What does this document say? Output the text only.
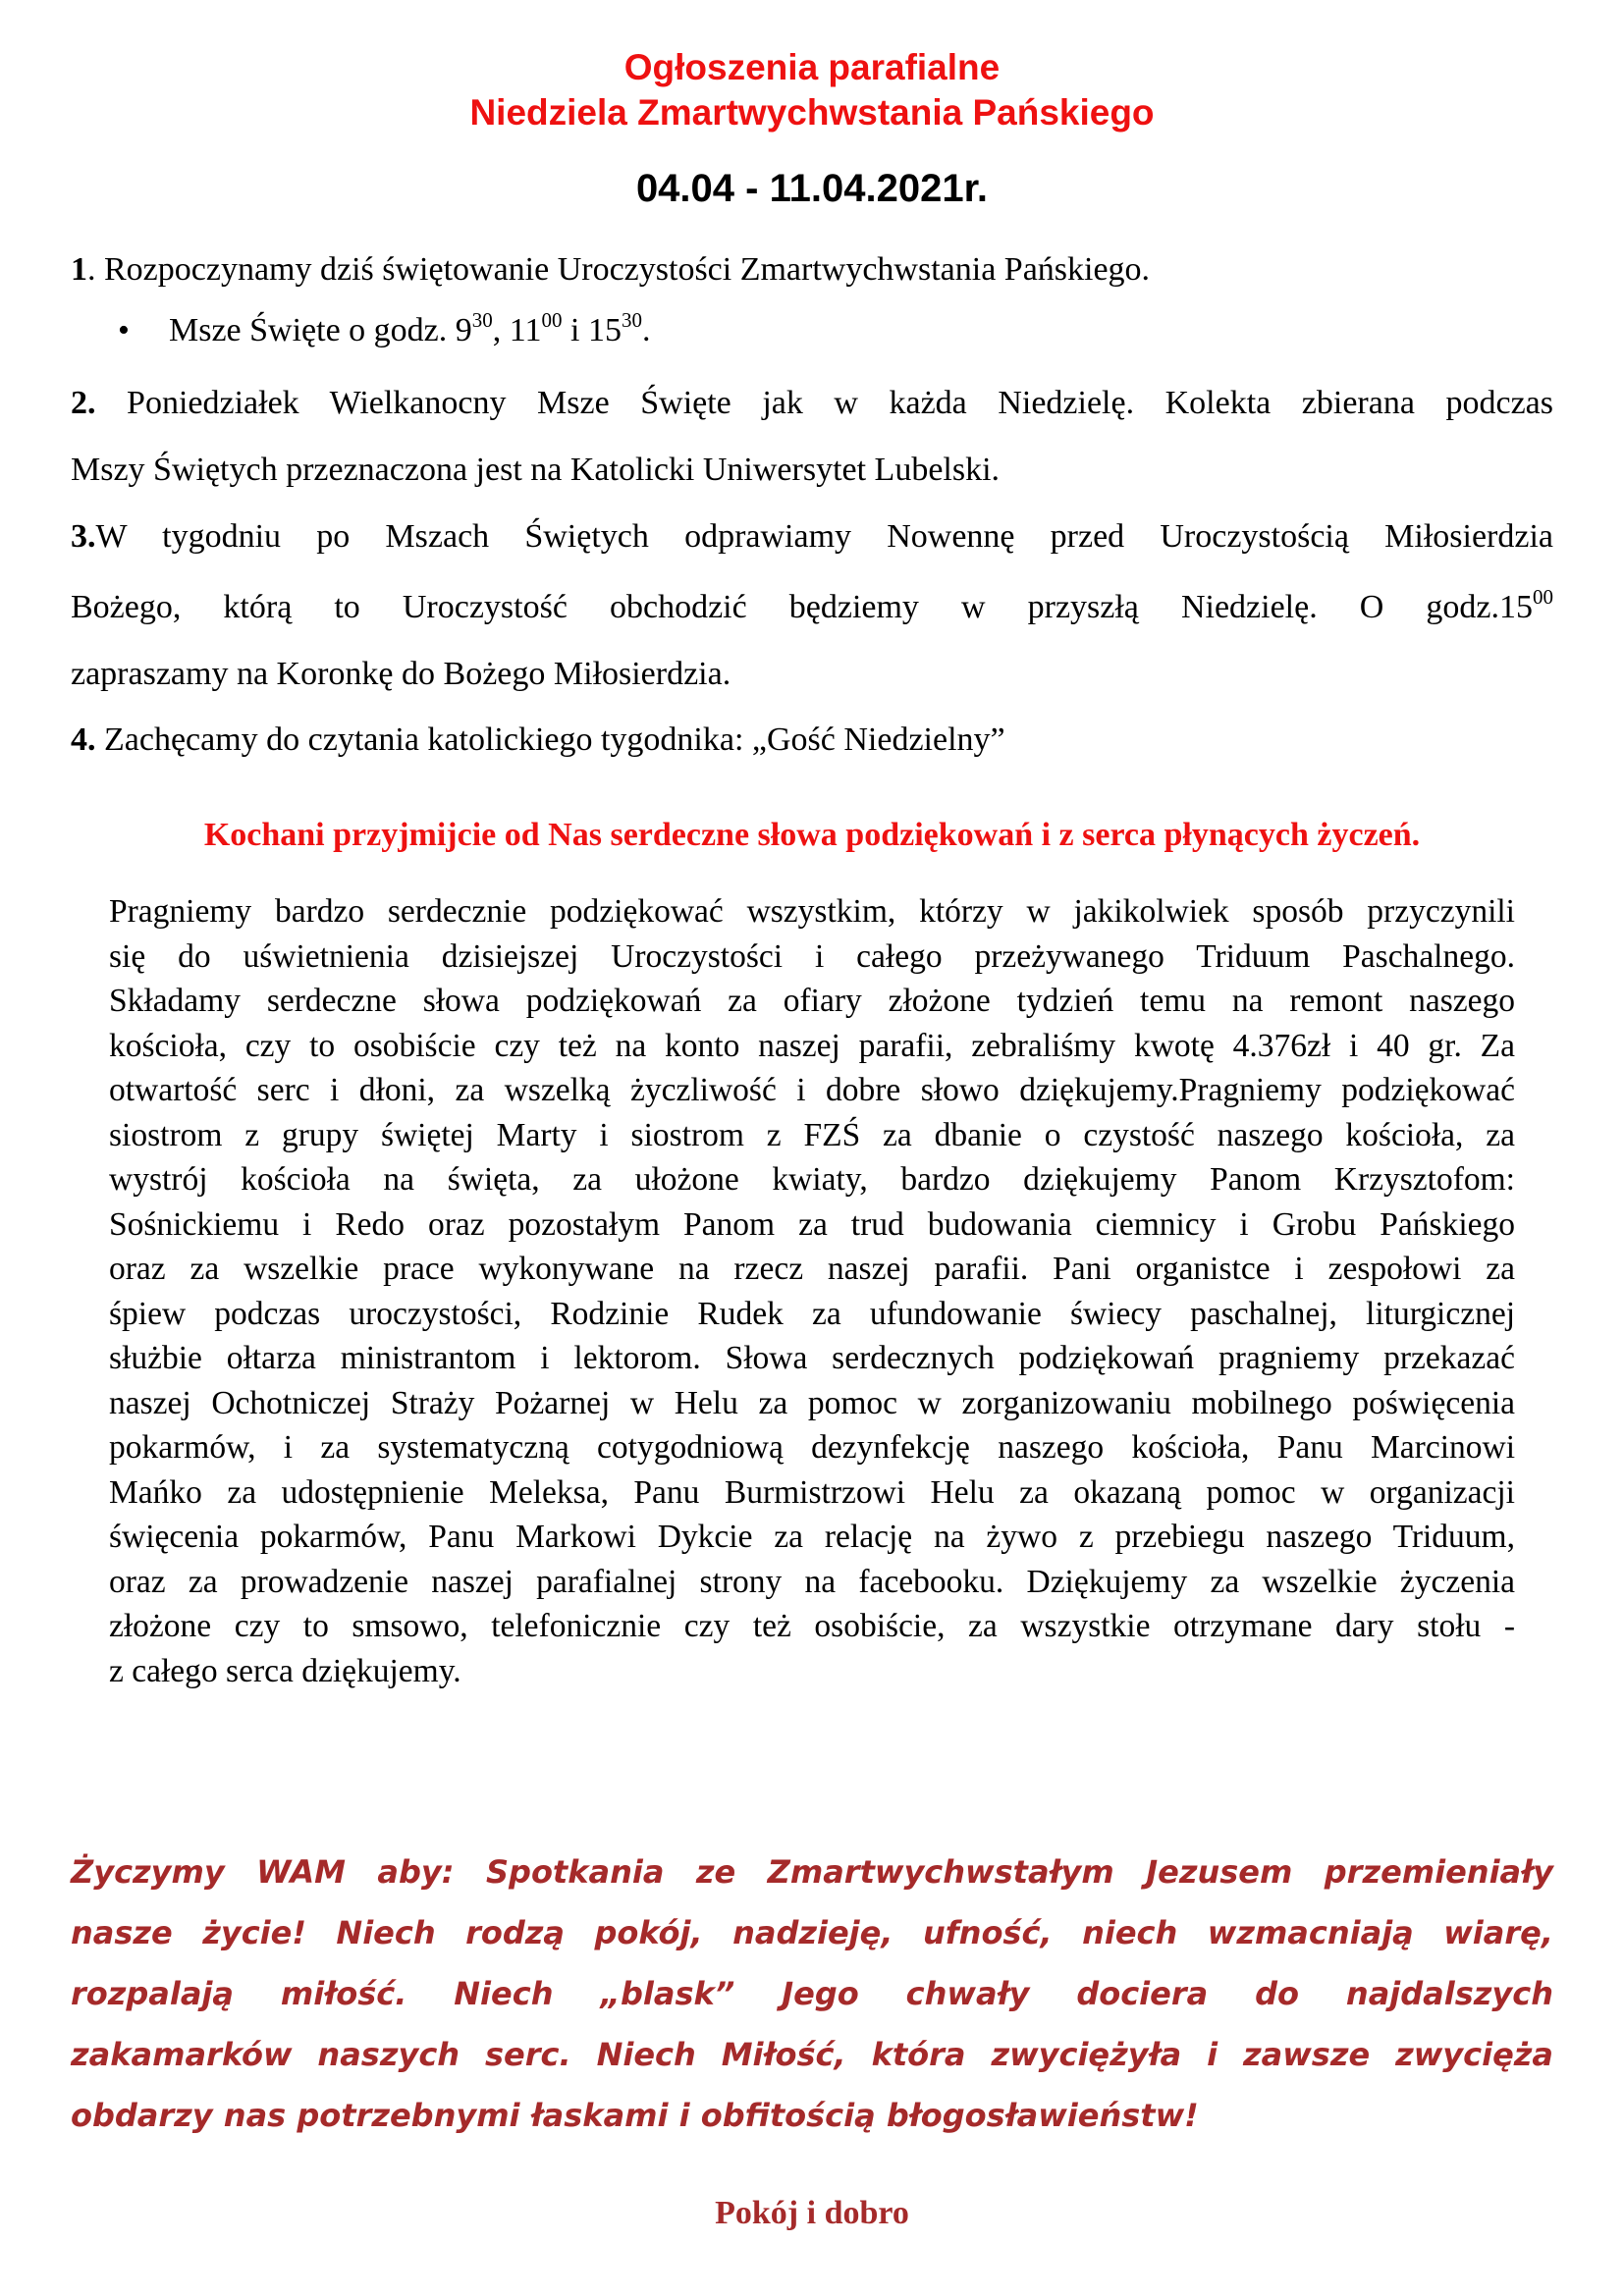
Ogłoszenia parafialne
Niedziela Zmartwychwstania Pańskiego
04.04 - 11.04.2021r.
1. Rozpoczynamy dziś świętowanie Uroczystości Zmartwychwstania Pańskiego.
• Msze Święte o godz. $9^{30}$, $11^{00}$ i $15^{30}$.
2. Poniedziałek Wielkanocny Msze Święte jak w każda Niedzielę. Kolekta zbierana podczas
Mszy Świętych przeznaczona jest na Katolicki Uniwersytet Lubelski.
3.W tygodniu po Mszach Świętych odprawiamy Nowennę przed Uroczystością Miłosierdzia
Bożego, którą to Uroczystość obchodzić będziemy w przyszłą Niedzielę. O $godz.15^{00}$
zapraszamy na Koronkę do Bożego Miłosierdzia.
4. Zachęcamy do czytania katolickiego tygodnika: „Gość Niedzielny”
Kochani przyjmijcie od Nas serdeczne słowa podziękowań i z serca płynących życzeń.
Pragniemy bardzo serdecznie podziękować wszystkim, którzy w jakikolwiek sposób przyczynili
się do uświetnienia dzisiejszej Uroczystości i całego przeżywanego Triduum Paschalnego.
Składamy serdeczne słowa podziękowań za ofiary złożone tydzień temu na remont naszego
kościoła, czy to osobiście czy też na konto naszej parafii, zebraliśmy kwotę 4.376zł i 40 gr. Za
otwartość serc i dłoni, za wszelką życzliwość i dobre słowo dziękujemy.Pragniemy podziękować
siostrom z grupy świętej Marty i siostrom z FZŚ za dbanie o czystość naszego kościoła, za
wystrój kościoła na święta, za ułożone kwiaty, bardzo dziękujemy Panom Krzysztofom:
Sośnickiemu i Redo oraz pozostałym Panom za trud budowania ciemnicy i Grobu Pańskiego
oraz za wszelkie prace wykonywane na rzecz naszej parafii. Pani organistce i zespołowi za
śpiew podczas uroczystości, Rodzinie Rudek za ufundowanie świecy paschalnej, liturgicznej
służbie ołtarza ministrantom i lektorom. Słowa serdecznych podziękowań pragniemy przekazać
naszej Ochotniczej Straży Pożarnej w Helu za pomoc w zorganizowaniu mobilnego poświęcenia
pokarmów, i za systematyczną cotygodniową dezynfekcję naszego kościoła, Panu Marcinowi
Mańko za udostępnienie Meleksa, Panu Burmistrzowi Helu za okazaną pomoc w organizacji
święcenia pokarmów, Panu Markowi Dykcie za relację na żywo z przebiegu naszego Triduum,
oraz za prowadzenie naszej parafialnej strony na facebooku. Dziękujemy za wszelkie życzenia
złożone czy to smsowo, telefonicznie czy też osobiście, za wszystkie otrzymane dary stołu -
z całego serca dziękujemy.
Życzymy WAM aby: Spotkania ze Zmartwychwstałym Jezusem przemieniały
nasze życie! Niech rodzą pokój, nadzieję, ufność, niech wzmacniają wiarę,
rozpalają miłość. Niech „blask” Jego chwały dociera do najdalszych
zakamarków naszych serc. Niech Miłość, która zwyciężyła i zawsze zwycięża
obdarzy nas potrzebnymi łaskami i obfitością błogosławieństw!
Pokój i dobro
